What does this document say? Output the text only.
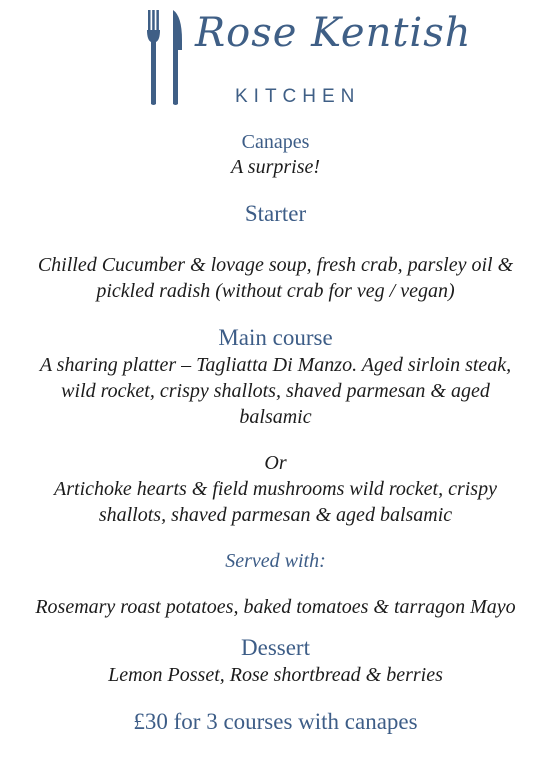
Rose Kentish
KITCHEN
Canapes
A surprise!
Starter
Chilled Cucumber & lovage soup, fresh crab, parsley oil &
pickled radish (without crab for veg / vegan)
Main course
A sharing platter – Tagliatta Di Manzo. Aged sirloin steak,
wild rocket, crispy shallots, shaved parmesan & aged
balsamic
Or
Artichoke hearts & field mushrooms wild rocket, crispy
shallots, shaved parmesan & aged balsamic
Served with:
Rosemary roast potatoes, baked tomatoes & tarragon Mayo
Dessert
Lemon Posset, Rose shortbread & berries
£30 for 3 courses with canapes
